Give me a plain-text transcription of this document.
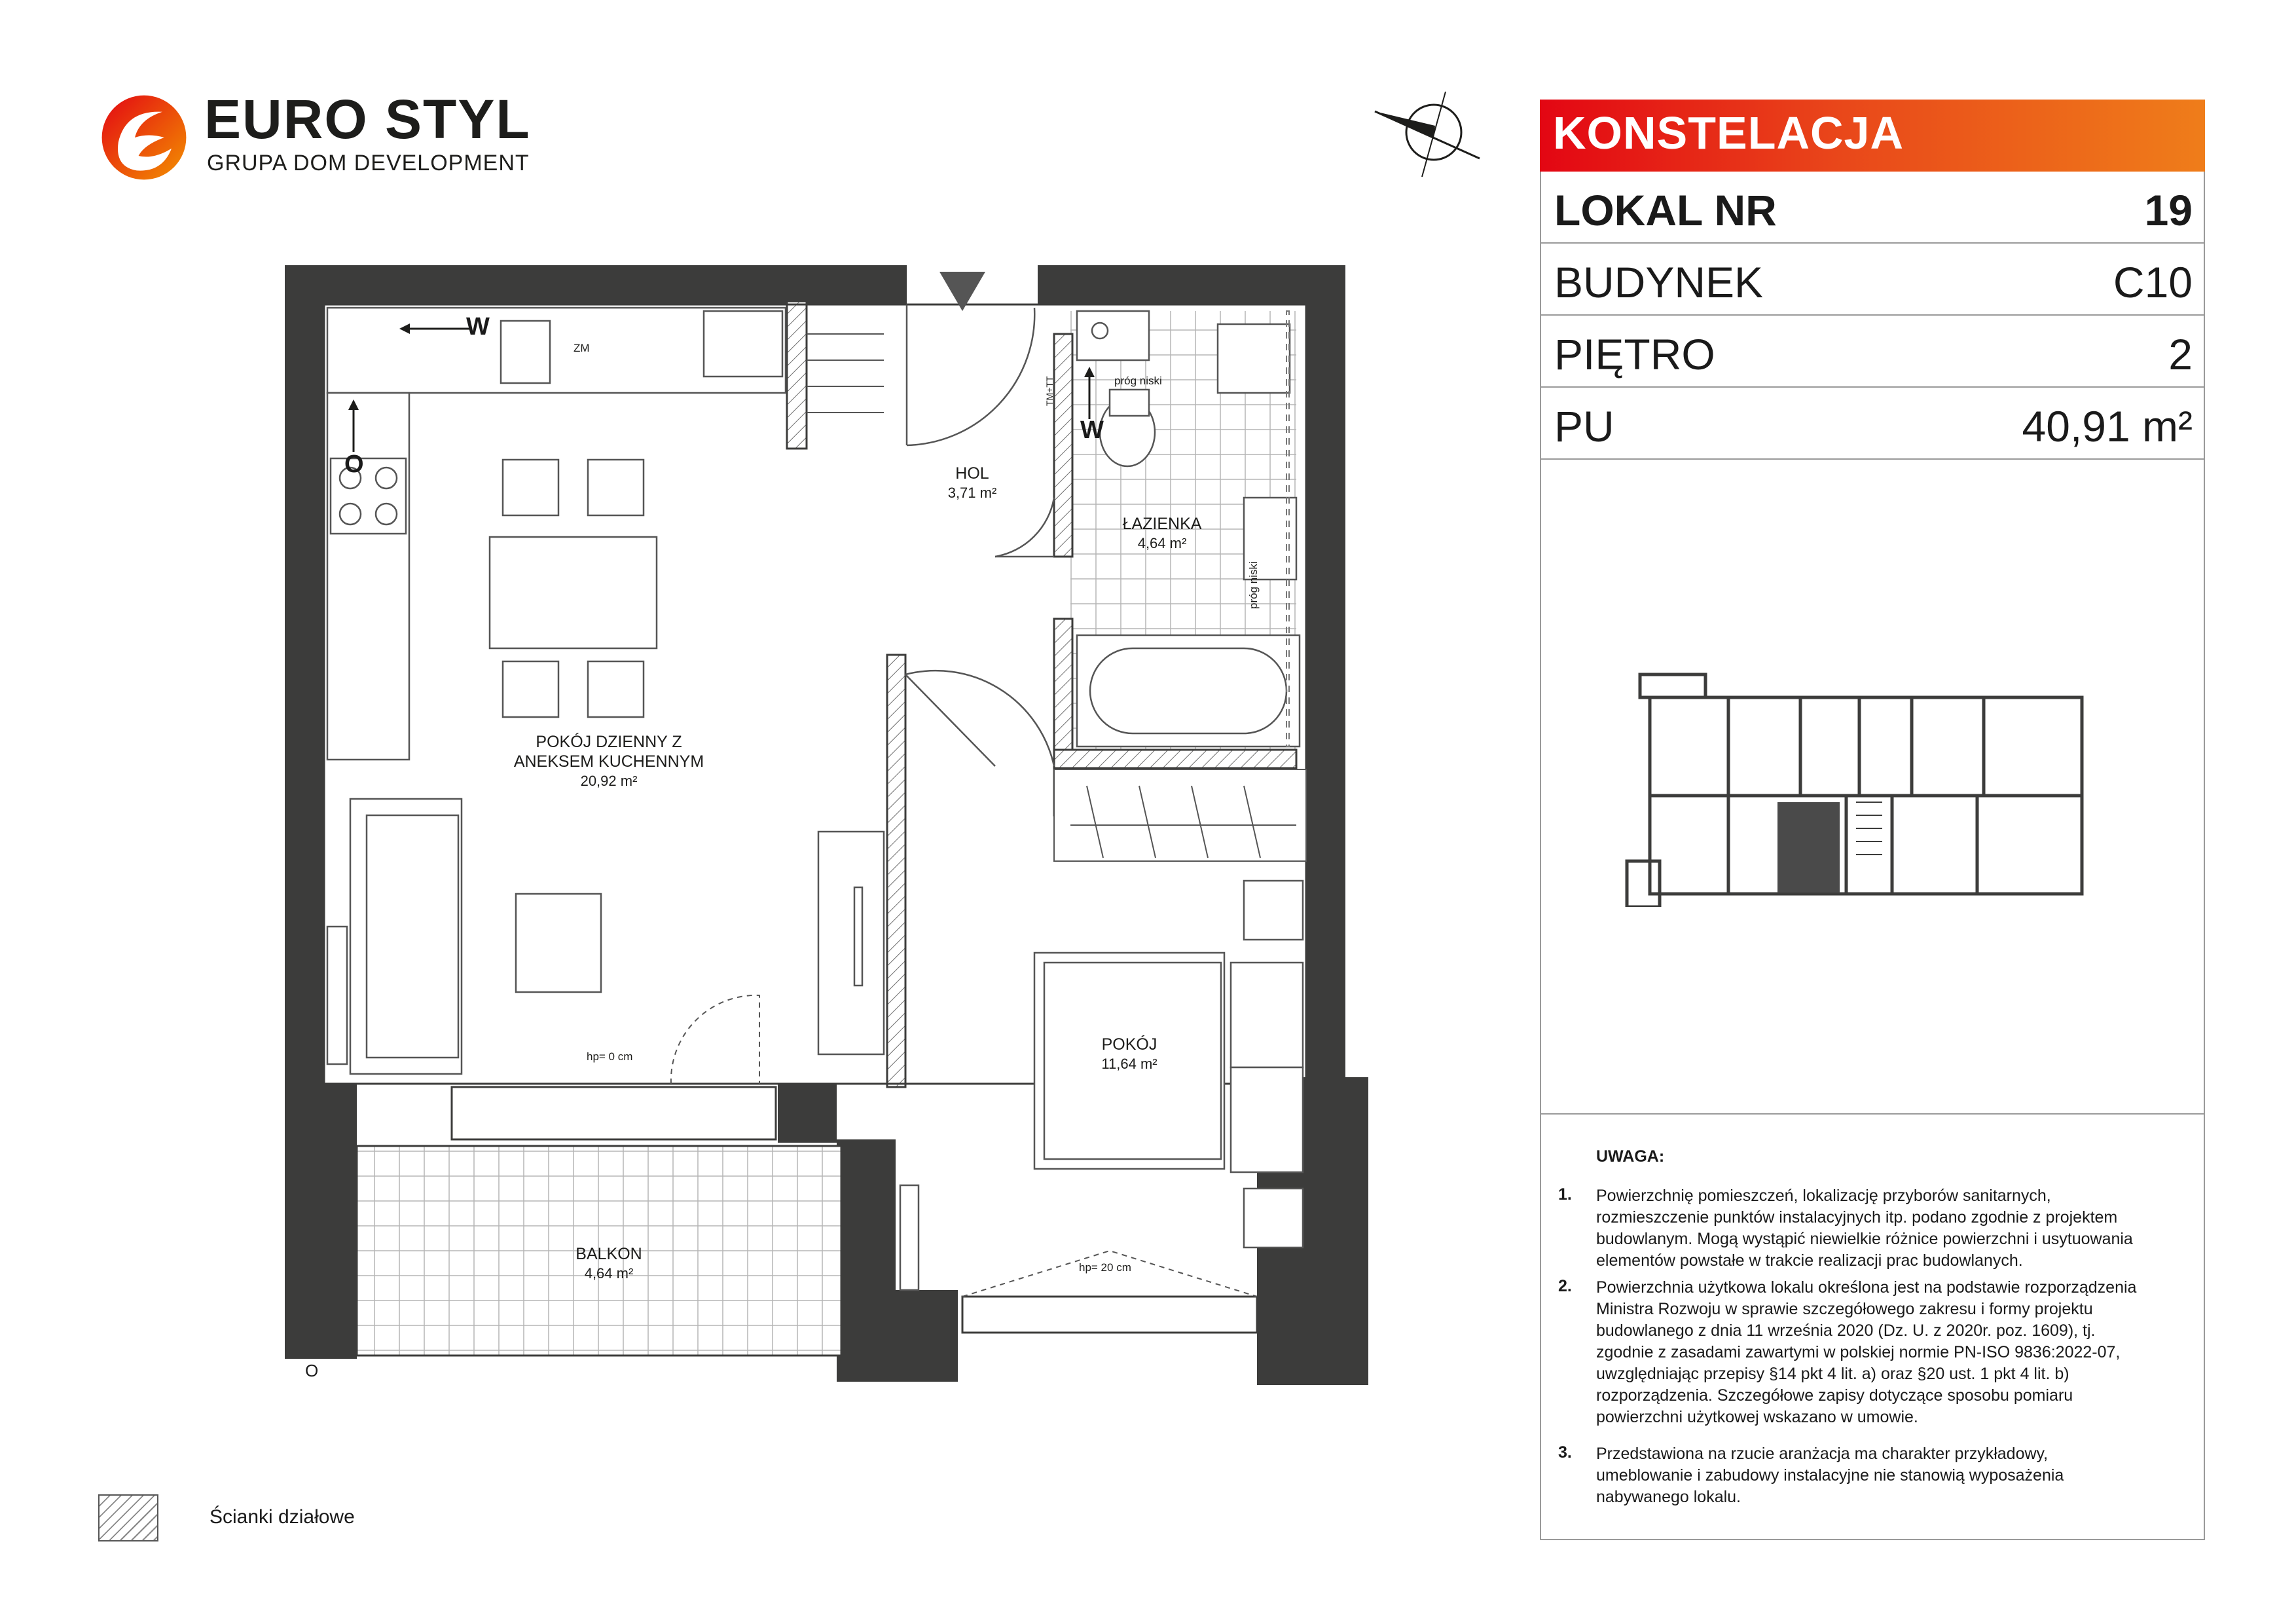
EURO STYL
GRUPA DOM DEVELOPMENT
HOL
3,71 m²
ŁAZIENKA
4,64 m²
POKÓJ DZIENNY Z
ANEKSEM KUCHENNYM
20,92 m²
POKÓJ
11,64 m²
BALKON
4,64 m²
ZM
próg niski
próg niski
TM+TT
W
W
O
hp= 0 cm
hp= 20 cm
O
KONSTELACJA
LOKAL NR	19
BUDYNEK	C10
PIĘTRO	2
PU	40,91 m²
UWAGA:
1. Powierzchnię pomieszczeń, lokalizację przyborów sanitarnych,
rozmieszczenie punktów instalacyjnych itp. podano zgodnie z projektem
budowlanym. Mogą wystąpić niewielkie różnice powierzchni i usytuowania
elementów powstałe w trakcie realizacji prac budowlanych.
2. Powierzchnia użytkowa lokalu określona jest na podstawie rozporządzenia
Ministra Rozwoju w sprawie szczegółowego zakresu i formy projektu
budowlanego z dnia 11 września 2020 (Dz. U. z 2020r. poz. 1609), tj.
zgodnie z zasadami zawartymi w polskiej normie PN-ISO 9836:2022-07,
uwzględniając przepisy §14 pkt 4 lit. a) oraz §20 ust. 1 pkt 4 lit. b)
rozporządzenia. Szczegółowe zapisy dotyczące sposobu pomiaru
powierzchni użytkowej wskazano w umowie.
3. Przedstawiona na rzucie aranżacja ma charakter przykładowy,
umeblowanie i zabudowy instalacyjne nie stanowią wyposażenia
nabywanego lokalu.
Ścianki działowe
